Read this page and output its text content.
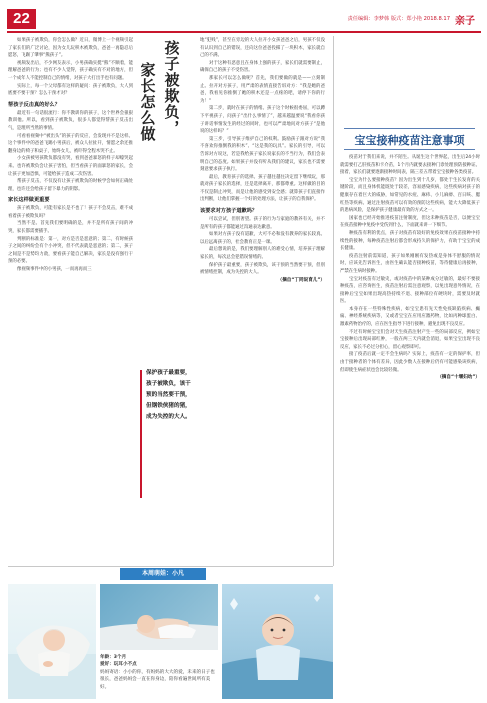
22	责任编辑：李梦韩 版式：郑小艳 2018.8.17 亲子

如果孩子被欺负，你会怎么做？近日，微博上一个视频引起了家长们的广泛讨论，因为女儿玩积木被欺负，爸爸一再隐忍后愿怒，飞踢了肇事“熊孩子”。

视频发出后，不少网友表示，小男孩确实挺“熊”不顺着，能理解爸爸的行为；也有不少人觉得，孩子确实有不对的地方，但一个成年人不能控制自己的情绪，对孩子大打出手也有问题。

实际上，每一个父母都有这样的疑问：孩子被欺负，大人到底要不要干预？怎么干预才对？

帮孩子反击真的好么？

最近有一句话很流行：你不教训你的孩子，这个世界会狠狠教训他。所以，看到孩子被欺负，很多人都觉得帮孩子反击出气，是理所当然的事情。

可看看视频中“被出头”的孩子的反应，会发现并不是这样。这个事件中的爸爸飞踢小男孩后，被众人拉扯开，情愿之余还推翻身边的椅子和桌子，始终女儿，被吓得全程木哭不止。

小女孩被男孩欺负都没有哭，看到爸爸暴怒的样子却嚎哭起来。也许被欺负会让孩子害怕，但当看孩子的面暴怒的家长，会让孩子更加恐惧，可能给孩子造成二次伤害。

帮孩子反击，不仅没有让孩子被欺负的时候学会如何正确处理，也许还会给孩子留下暴力的阴影。

家长这样做更重要

孩子被欺负，可能有家长是不也了！孩子不会反击，难不成看着孩子被欺负吗？

当然不是。首先我们要明确的是，并不是所有孩子间的冲突，家长都需要插手。

判断的标准是：第一，对方是否是恶意的；第二，有时候孩子之间的纠纷会有个小冲突，但不代表就是恶意的；第二，孩子之间是不是势均力敌，要看孩子能自己解决，家长是没有强行干预的必要。

像视频事件中的小男孩，一而再再而三

孩子被欺负，
家长怎么做
保护孩子最重要，孩子被欺负，该干预的当然要干预，但钢铁侠猪的猪，成为失控的大人。

地“犯贱”，甚至在旁边的大人拉开小女孩爸爸之后，男孩不仅没有认识到自己的错误，还向这位爸爸投掷了一块积木，家长就自己的不满。

对于这种有恶意且在身体上强的孩子，家长们就需要制止，确保自己的孩子不受伤害。

那家长可以怎么做呢？首先，我们要做的就是——立刻制止。拉开对方孩子，用严肃的表情直接告诉对方：“我是她的爸爸，我看见你推倒了她的积木还是一点疼的吧，请停下你的行为！”

第二步，就时在孩子的情绪。孩子这个时候很委屈，可以蹲下平视孩子，问孩子“出什么事情了”，越来越温要说“我看你孩子讲话事情发生的经过的同时，也可以严肃地问对方孩子“是他说的这样吗？”

第三步，引导孩子维护自己的权利。鼓励孩子跟对方说“我不喜欢你推倒我的积木”、“这是我的玩具”。家长的引导，可以告诉对方说这，若是我给孩子家长说家长的不当行为，我们会表明自己的态度。如果孩子并没有听从我们的建议，家长也不需要刻意要求孩子执行。

最后，教育孩子的选择。孩子越往越往决定留下继续玩，那就对孩子家长的选择，还是选择离开，那都尊重。这样做的目的不仅是制止冲突，而是让他的感受到安全感；就算孩子们直接作出判断，让他们掌握一个好的处理方法，让孩子的自我保护。

该要求对方孩子道歉吗？

可以尝试，但别奢望。孩子的行为与家庭的教养有关，并不是所有的孩子都能通过沟通表达歉意。

如果对方孩子没有道歉，大可不必和没有教养的家长较真。以后远离孩子的，社会教育正是一课。

最后想说的是，我们要理解别人的难受心情，培养孩子理解家长的，每次总会犯错误情绪的。

保护孩子最重要，孩子被欺负，该干预的当然要干预，但别被情绪控制，成为失控的大人。

（摘自“丁同说育儿”）

宝宝接种疫苗注意事项

疫苗对于我们来说，并不陌生。从诞生这个世界起，出生后24小时就需要打乙肝疫苗和卡介苗，1个月内就要去接种门诊处理预防接种证。接着，家长们就要逐渐接种时间表，隔三差五带着宝宝接种各类疫苗。

宝宝为什么要接种疫苗？因为出生到十几岁，都处于生长发育的关键阶段，而且身体机能既处于较差，容易感染疾病，这些疾病对孩子的健康存在着巨大的威胁，如常见的水痘、麻疹、小儿麻痹、百日咳、腮红热等疾病。通过注射疫苗可以有效的预防这些疾病，能大大降低孩子的患病风险，是保护孩子健康最有效的方式之一。

国家也已经开始推进疫苗注射制度，但这未种疫苗是否，以便宝宝在疫苗接种中免疫中受伤到什么，下面就来讲一下细节。

种疫苗有利的优点，孩子对疫苗有较好的免疫效果在疫苗接种中持续性的接种，每种疫苗注射后都会形成持久的保护力，有助于宝宝的成长健康。

疫苗注射前需知道，孩子如果刚刚有发热或是身体不舒服的情况时，应该先告诉医生，由医生确认能否接种疫苗，等待健康后再接种，严禁在生病时接种。

宝宝对疫苗有过敏史，或对疫苗中的某种成分过敏的，最好不要接种疫苗，应咨询医生，疫苗注射后需注意观察，以免出现意外情况，在接种后宝宝如果出现高热持续不退、接种部位有硬块时，需要及时就医。

本身存在一些特殊性疾病，如宝宝患有先天性免疫缺陷疾病、癫痫、神经系统疾病等，又或者宝宝在应用应激药物，比如丙种球蛋白、激素药物治疗的，应在医生指导下进行接种，避免出现不良反应。

不过有时候宝宝们会对天生疫苗注射产生一些的局部反应，例如宝宝接种后出现局部红肿，一般在两三天内就会消退，如果宝宝出现不良反应，家长不必过分担心，留心观察即可。

接了疫苗后就一定不会生病吗？实际上，疫苗有一定的保护率，但由于接种者的个体有差异，因此少数人在接种后仍有可能感染该疾病，但即使生病症状也会比较轻微。

（摘自“十堰妇幼”）

本周萌娃：小凡
年龄：3个月
爱好：玩耳小不点
妈妈寄语：小小的你，有妈妈的大大的爱，未来的日子也很长，爸爸妈妈会一直在你身边，陪你看遍世间所有美好。
